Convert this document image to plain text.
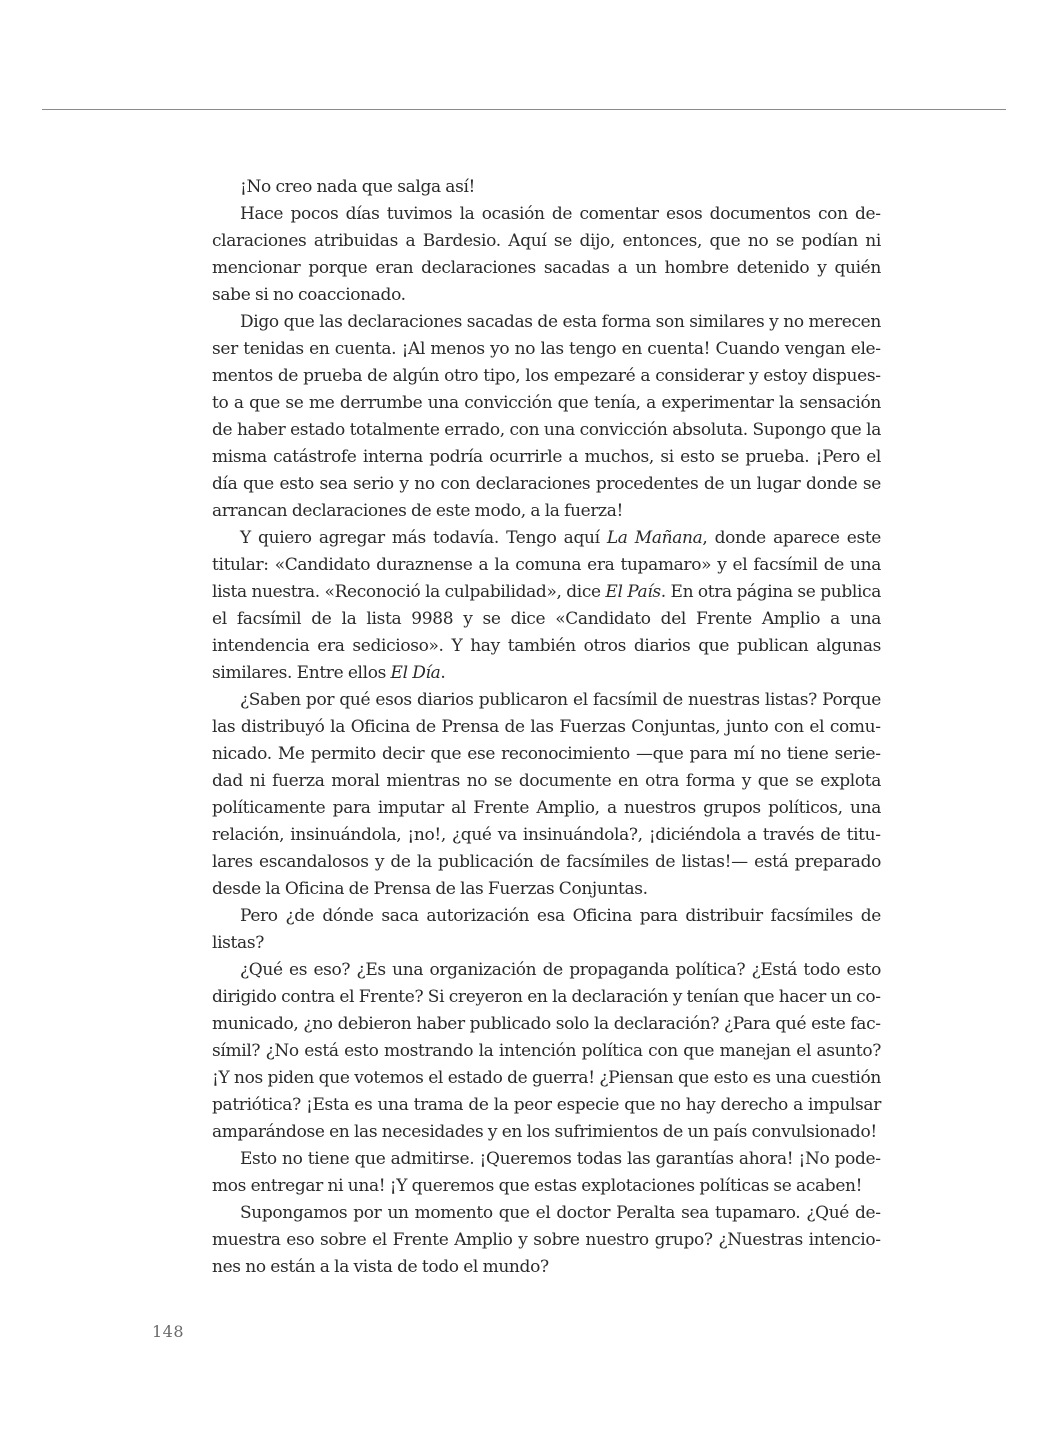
¡No creo nada que salga así!

Hace pocos días tuvimos la ocasión de comentar esos documentos con declaraciones atribuidas a Bardesio. Aquí se dijo, entonces, que no se podían ni mencionar porque eran declaraciones sacadas a un hombre detenido y quién sabe si no coaccionado.

Digo que las declaraciones sacadas de esta forma son similares y no merecen ser tenidas en cuenta. ¡Al menos yo no las tengo en cuenta! Cuando vengan elementos de prueba de algún otro tipo, los empezaré a considerar y estoy dispuesto a que se me derrumbe una convicción que tenía, a experimentar la sensación de haber estado totalmente errado, con una convicción absoluta. Supongo que la misma catástrofe interna podría ocurrirle a muchos, si esto se prueba. ¡Pero el día que esto sea serio y no con declaraciones procedentes de un lugar donde se arrancan declaraciones de este modo, a la fuerza!

Y quiero agregar más todavía. Tengo aquí La Mañana, donde aparece este titular: «Candidato duraznense a la comuna era tupamaro» y el facsímil de una lista nuestra. «Reconoció la culpabilidad», dice El País. En otra página se publica el facsímil de la lista 9988 y se dice «Candidato del Frente Amplio a una intendencia era sedicioso». Y hay también otros diarios que publican algunas similares. Entre ellos El Día.

¿Saben por qué esos diarios publicaron el facsímil de nuestras listas? Porque las distribuyó la Oficina de Prensa de las Fuerzas Conjuntas, junto con el comunicado. Me permito decir que ese reconocimiento —que para mí no tiene seriedad ni fuerza moral mientras no se documente en otra forma y que se explota políticamente para imputar al Frente Amplio, a nuestros grupos políticos, una relación, insinuándola, ¡no!, ¿qué va insinuándola?, ¡diciéndola a través de titulares escandalosos y de la publicación de facsímiles de listas!— está preparado desde la Oficina de Prensa de las Fuerzas Conjuntas.

Pero ¿de dónde saca autorización esa Oficina para distribuir facsímiles de listas?

¿Qué es eso? ¿Es una organización de propaganda política? ¿Está todo esto dirigido contra el Frente? Si creyeron en la declaración y tenían que hacer un comunicado, ¿no debieron haber publicado solo la declaración? ¿Para qué este facsímil? ¿No está esto mostrando la intención política con que manejan el asunto? ¡Y nos piden que votemos el estado de guerra! ¿Piensan que esto es una cuestión patriótica? ¡Esta es una trama de la peor especie que no hay derecho a impulsar amparándose en las necesidades y en los sufrimientos de un país convulsionado!

Esto no tiene que admitirse. ¡Queremos todas las garantías ahora! ¡No podemos entregar ni una! ¡Y queremos que estas explotaciones políticas se acaben!

Supongamos por un momento que el doctor Peralta sea tupamaro. ¿Qué demuestra eso sobre el Frente Amplio y sobre nuestro grupo? ¿Nuestras intenciones no están a la vista de todo el mundo?

148
